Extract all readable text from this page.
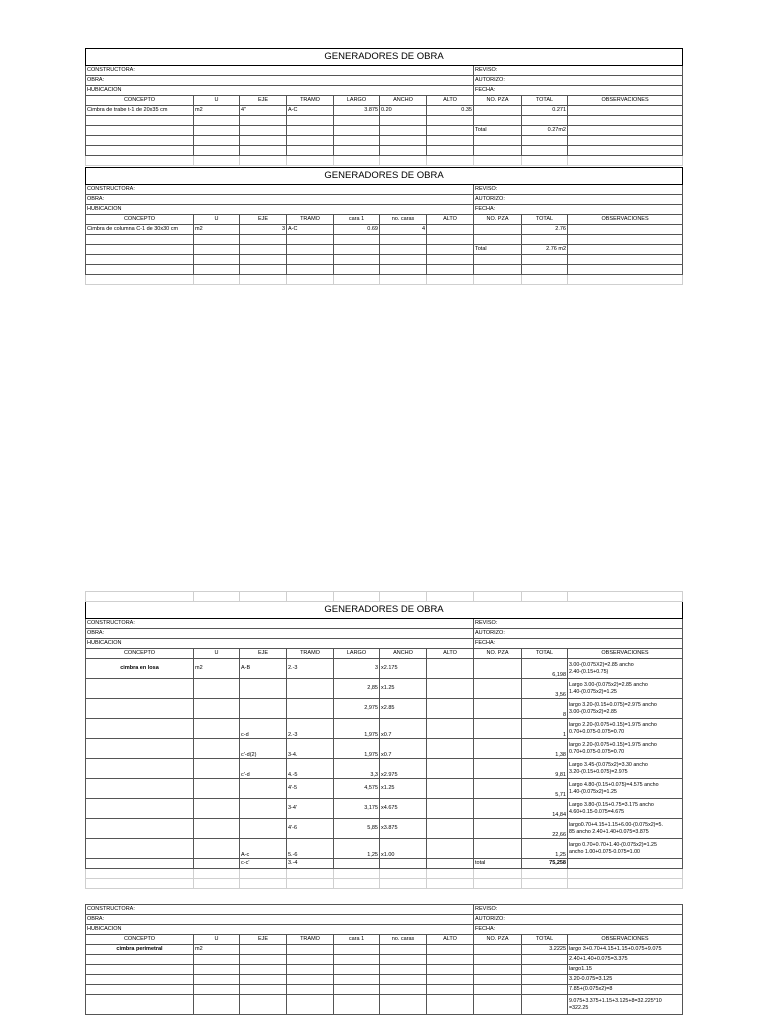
GENERADORES DE OBRA									
CONSTRUCTORA:							REVISO:		
OBRA:							AUTORIZO:		
HUBICACION							FECHA:		
CONCEPTO	U	EJE	TRAMO	LARGO	ANCHO	ALTO	NO. PZA	TOTAL	OBSERVACIONES
Cimbra de trabe t-1 de 20x35 cm	m2	4"	A-C	3.875	0.20	0.35		0.271	

							Total	0.27m2	

GENERADORES DE OBRA									
CONSTRUCTORA:							REVISO:		
OBRA:							AUTORIZO:		
HUBICACION							FECHA:		
CONCEPTO	U	EJE	TRAMO	cara 1	no. caras	ALTO	NO. PZA	TOTAL	OBSERVACIONES
Cimbra de columna C-1 de 30x30 cm	m2	3	A-C	0.69	4			2.76	

							Total	2.76 m2	

GENERADORES DE OBRA									
CONSTRUCTORA:							REVISO:		
OBRA:							AUTORIZO:		
HUBICACION							FECHA:		
CONCEPTO	U	EJE	TRAMO	LARGO	ANCHO	ALTO	NO. PZA	TOTAL	OBSERVACIONES
cimbra en losa	m2	A-B	2.-3	3	x2.175			6,198	3.00-(0.075X2)=2.85 ancho
2.40-(0.15+0.75)

				2,85	x1.25			3,56	Largo 3.00-(0.075x2)=2.85 ancho
1.40-(0.075x2)=1.25

				2,975	x2.85			8	largo 3.20-(0.15+0.075)=2.975 ancho
3.00-(0.075x2)=2.85

		c-d	2.-3	1,975	x0.7			1	largo 2.20-(0.075+0.15)=1.975 ancho
0.70+0.075-0.075=0.70

		c'-d(2)	3-4.	1,975	x0.7			1,38	largo 2.20-(0.075+0.15)=1.975 ancho
0.70+0.075-0.075=0.70

		c'-d	4.-5	3,3	x2.975			9,81	Largo 3.45-(0.075x2)=3.30 ancho
3.20-(0.15+0.075)=2.975

			4'-5	4,575	x1.25			5,71	Largo 4.80-(0.15+0.075)=4.575 ancho
1.40-(0.075x2)=1.25

			3-4'	3,175	x4.675			14,84	Largo 3.80-(0.15+0.75=3.175 ancho
4.60+0.15-0.075=4.675

			4'-6	5,85	x3.875			22,66	largo0.70+4.15+1.15+6.00-(0.075x2)=5.
85 ancho 2.40+1.40+0.075=3.875

		A-c	5.-6	1,25	x1.00			1,25	largo 0.70+0.70+1.40-(0.075x2)=1.25
ancho 1.00+0.075-0.075=1.00

		c-c'	3.-4				total	75,258	

CONSTRUCTORA:							REVISO:		
OBRA:							AUTORIZO:		
HUBICACION							FECHA:		
CONCEPTO	U	EJE	TRAMO	cara 1	no. caras	ALTO	NO. PZA	TOTAL	OBSERVACIONES
cimbra perimetral	m2							3.2225	largo 3+0.70+4.15+1.15+0.075+9.075
									2.40+1.40+0.075=3.375
									largo1.15
									3.20-0.075=3.125
									7.85+(0.075x2)=8

									9.075+3.375+1.15+3.125+8=32.225*10
=322.25
